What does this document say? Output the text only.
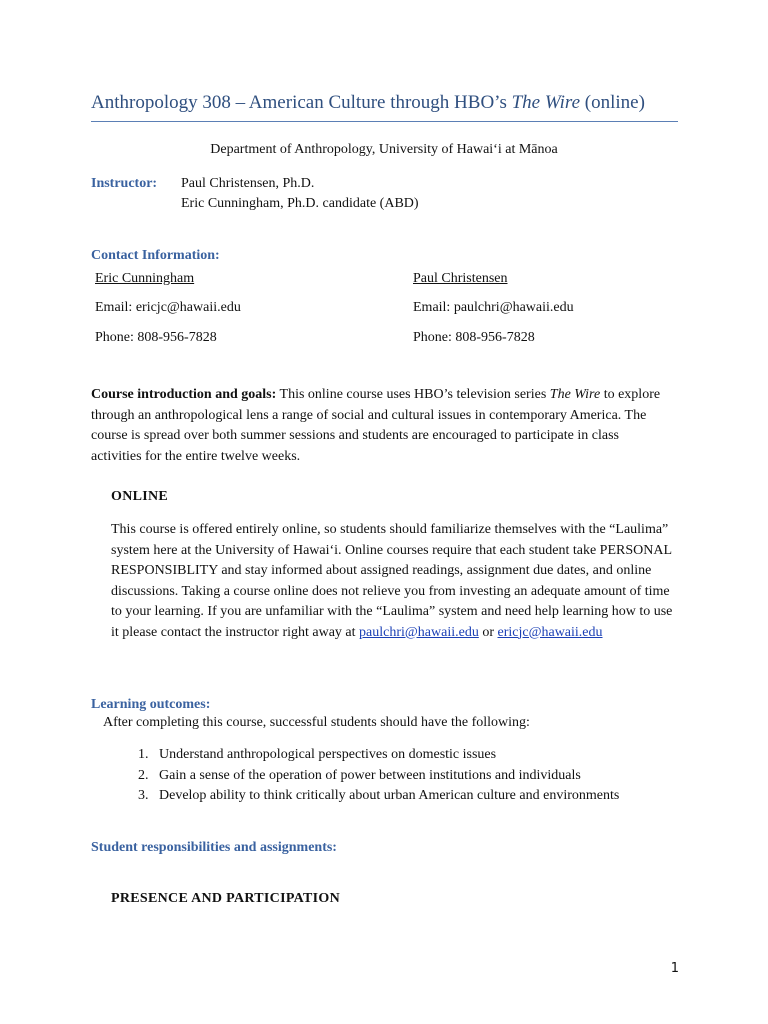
Anthropology 308 – American Culture through HBO’s The Wire (online)
Department of Anthropology, University of Hawaiʻi at Mānoa
Instructor: Paul Christensen, Ph.D.
Eric Cunningham, Ph.D. candidate (ABD)
Contact Information:
Eric Cunningham
Email: ericjc@hawaii.edu
Phone: 808-956-7828
Paul Christensen
Email: paulchri@hawaii.edu
Phone: 808-956-7828
Course introduction and goals: This online course uses HBO’s television series The Wire to explore through an anthropological lens a range of social and cultural issues in contemporary America. The course is spread over both summer sessions and students are encouraged to participate in class activities for the entire twelve weeks.
ONLINE
This course is offered entirely online, so students should familiarize themselves with the “Laulima” system here at the University of Hawaiʻi. Online courses require that each student take PERSONAL RESPONSIBLITY and stay informed about assigned readings, assignment due dates, and online discussions. Taking a course online does not relieve you from investing an adequate amount of time to your learning. If you are unfamiliar with the “Laulima” system and need help learning how to use it please contact the instructor right away at paulchri@hawaii.edu or ericjc@hawaii.edu
Learning outcomes:
After completing this course, successful students should have the following:
1. Understand anthropological perspectives on domestic issues
2. Gain a sense of the operation of power between institutions and individuals
3. Develop ability to think critically about urban American culture and environments
Student responsibilities and assignments:
PRESENCE AND PARTICIPATION
1
